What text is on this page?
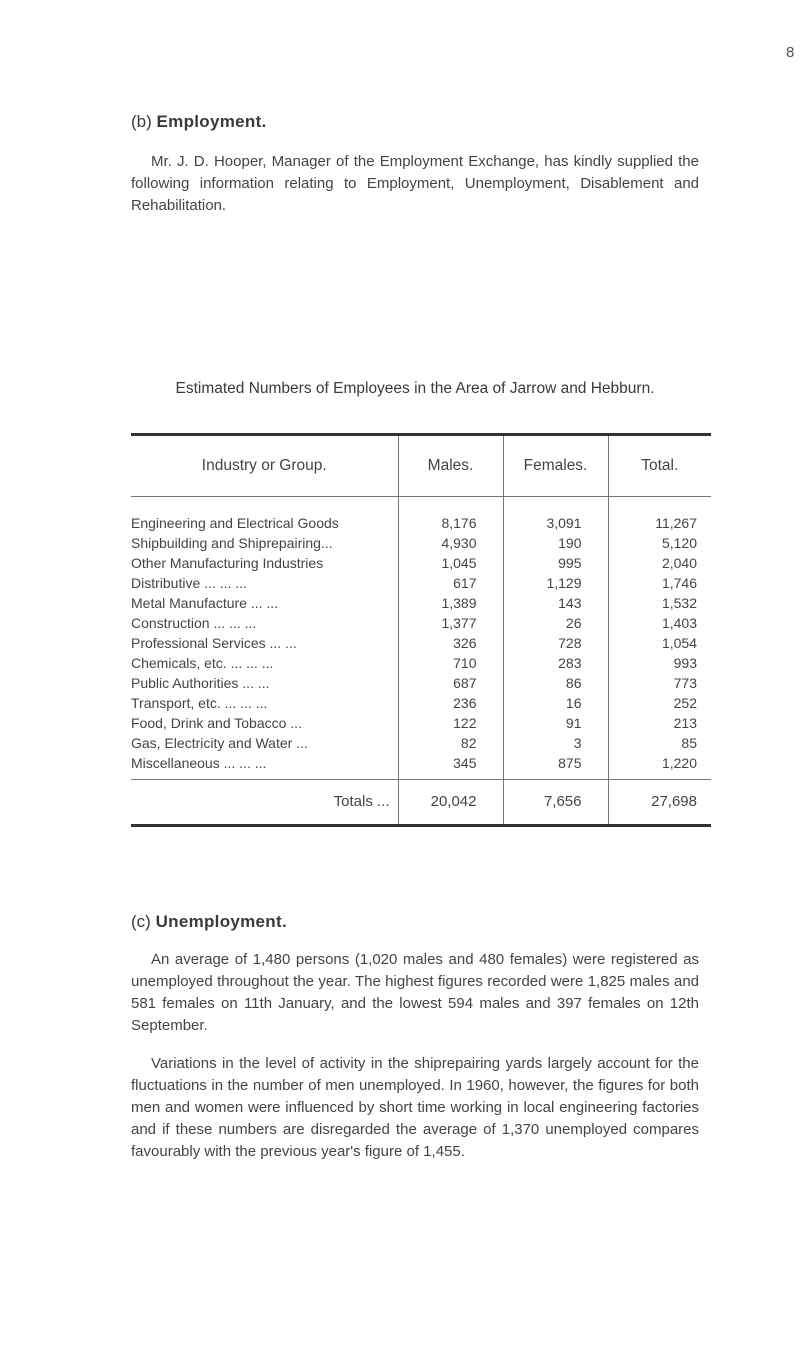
8
(b) Employment.
Mr. J. D. Hooper, Manager of the Employment Exchange, has kindly supplied the following information relating to Employment, Unemployment, Disablement and Rehabilitation.
Estimated Numbers of Employees in the Area of Jarrow and Hebburn.
Industry or Group.	Males.	Females.	Total.
Engineering and Electrical Goods	8,176	3,091	11,267
Shipbuilding and Shiprepairing...	4,930	190	5,120
Other Manufacturing Industries	1,045	995	2,040
Distributive ... ... ...	617	1,129	1,746
Metal Manufacture ... ...	1,389	143	1,532
Construction ... ... ...	1,377	26	1,403
Professional Services ... ...	326	728	1,054
Chemicals, etc. ... ... ...	710	283	993
Public Authorities ... ...	687	86	773
Transport, etc. ... ... ...	236	16	252
Food, Drink and Tobacco ...	122	91	213
Gas, Electricity and Water ...	82	3	85
Miscellaneous ... ... ...	345	875	1,220
Totals ...	20,042	7,656	27,698
(c) Unemployment.
An average of 1,480 persons (1,020 males and 480 females) were registered as unemployed throughout the year. The highest figures recorded were 1,825 males and 581 females on 11th January, and the lowest 594 males and 397 females on 12th September.
Variations in the level of activity in the shiprepairing yards largely account for the fluctuations in the number of men unemployed. In 1960, however, the figures for both men and women were influenced by short time working in local engineering factories and if these numbers are disregarded the average of 1,370 unemployed compares favourably with the previous year's figure of 1,455.
